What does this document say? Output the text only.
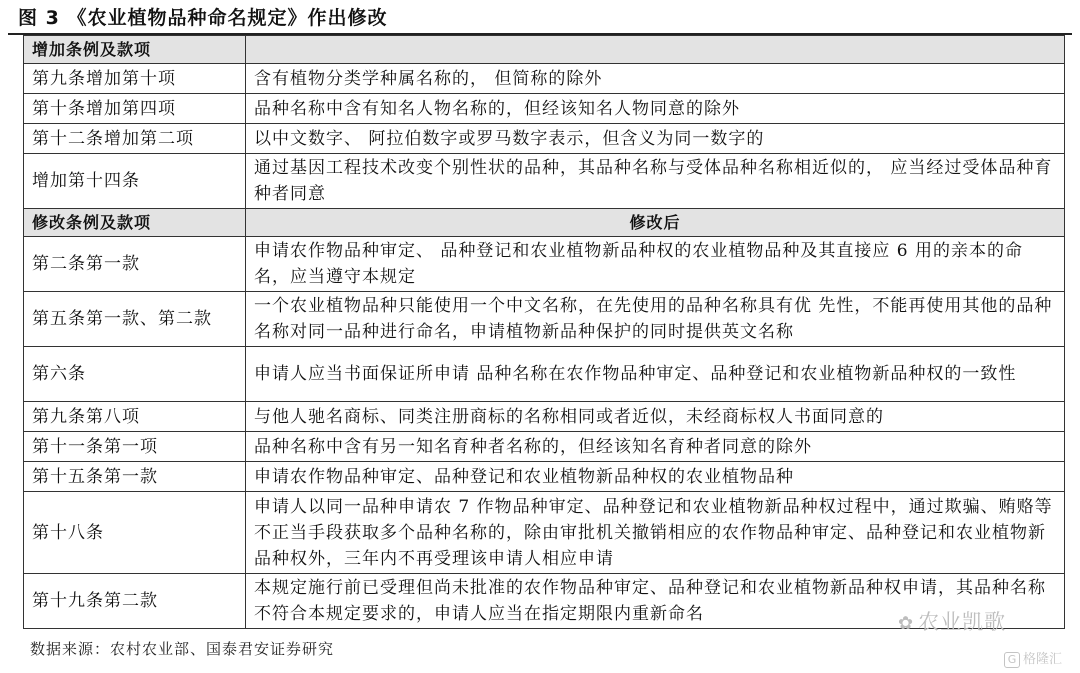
图 3 《农业植物品种命名规定》作出修改
增加条例及款项	
第九条增加第十项	含有植物分类学种属名称的， 但简称的除外
第十条增加第四项	品种名称中含有知名人物名称的，但经该知名人物同意的除外
第十二条增加第二项	以中文数字、 阿拉伯数字或罗马数字表示，但含义为同一数字的
增加第十四条	通过基因工程技术改变个别性状的品种，其品种名称与受体品种名称相近似的， 应当经过受体品种育种者同意
修改条例及款项	修改后
第二条第一款	申请农作物品种审定、 品种登记和农业植物新品种权的农业植物品种及其直接应 6 用的亲本的命名，应当遵守本规定
第五条第一款、第二款	一个农业植物品种只能使用一个中文名称，在先使用的品种名称具有优 先性，不能再使用其他的品种名称对同一品种进行命名，申请植物新品种保护的同时提供英文名称
第六条	申请人应当书面保证所申请 品种名称在农作物品种审定、品种登记和农业植物新品种权的一致性
第九条第八项	与他人驰名商标、同类注册商标的名称相同或者近似，未经商标权人书面同意的
第十一条第一项	品种名称中含有另一知名育种者名称的，但经该知名育种者同意的除外
第十五条第一款	申请农作物品种审定、品种登记和农业植物新品种权的农业植物品种
第十八条	申请人以同一品种申请农 7 作物品种审定、品种登记和农业植物新品种权过程中，通过欺骗、贿赂等不正当手段获取多个品种名称的，除由审批机关撤销相应的农作物品种审定、品种登记和农业植物新品种权外，三年内不再受理该申请人相应申请
第十九条第二款	本规定施行前已受理但尚未批准的农作物品种审定、品种登记和农业植物新品种权申请，其品种名称不符合本规定要求的，申请人应当在指定期限内重新命名
数据来源：农村农业部、国泰君安证券研究
✿ 农业凯歌
G 格隆汇
